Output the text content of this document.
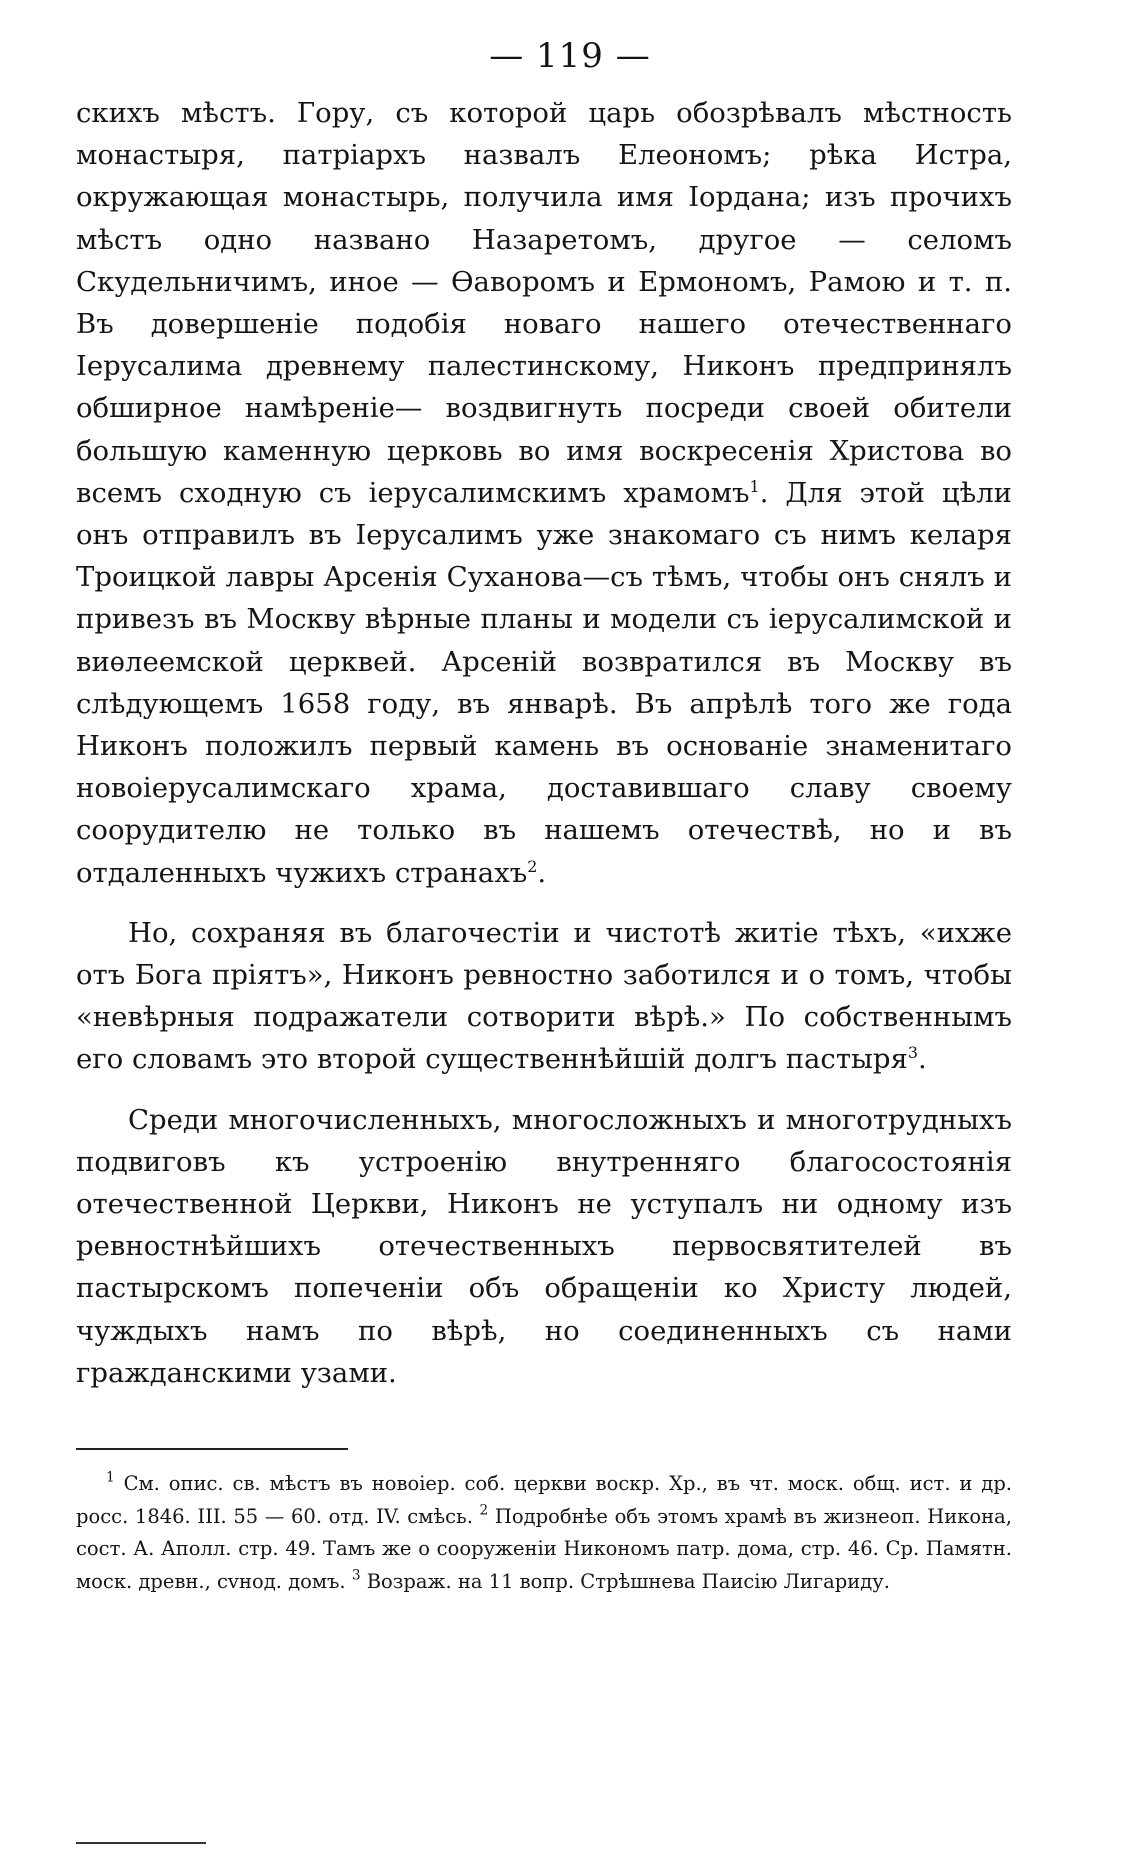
— 119 —

скихъ мѣстъ. Гору, съ которой царь обозрѣвалъ мѣстность монастыря, патріархъ назвалъ Елеономъ; рѣка Истра, окружающая монастырь, получила имя Іордана; изъ прочихъ мѣстъ одно названо Назаретомъ, другое — селомъ Скудельничимъ, иное — Ѳаворомъ и Ермономъ, Рамою и т. п. Въ довершеніе подобія новаго нашего отечественнаго Іерусалима древнему палестинскому, Никонъ предпринялъ обширное намѣреніе— воздвигнуть посреди своей обители большую каменную церковь во имя воскресенія Христова во всемъ сходную съ іерусалимскимъ храмомъ$^1$. Для этой цѣли онъ отправилъ въ Іерусалимъ уже знакомаго съ нимъ келаря Троицкой лавры Арсенія Суханова—съ тѣмъ, чтобы онъ снялъ и привезъ въ Москву вѣрные планы и модели съ іерусалимской и виѳлеемской церквей. Арсеній возвратился въ Москву въ слѣдующемъ 1658 году, въ январѣ. Въ апрѣлѣ того же года Никонъ положилъ первый камень въ основаніе знаменитаго новоіерусалимскаго храма, доставившаго славу своему соорудителю не только въ нашемъ отечествѣ, но и въ отдаленныхъ чужихъ странахъ$^2$.

Но, сохраняя въ благочестіи и чистотѣ житіе тѣхъ, «ихже отъ Бога пріятъ», Никонъ ревностно заботился и о томъ, чтобы «невѣрныя подражатели сотворити вѣрѣ.» По собственнымъ его словамъ это второй существеннѣйшій долгъ пастыря$^3$.

Среди многочисленныхъ, многосложныхъ и многотрудныхъ подвиговъ къ устроенію внутренняго благосостоянія отечественной Церкви, Никонъ не уступалъ ни одному изъ ревностнѣйшихъ отечественныхъ первосвятителей въ пастырскомъ попеченіи объ обращеніи ко Христу людей, чуждыхъ намъ по вѣрѣ, но соединенныхъ съ нами гражданскими узами.

$^1$ См. опис. св. мѣстъ въ новоіер. соб. церкви воскр. Хр., въ чт. моск. общ. ист. и др. росс. 1846. III. 55 — 60. отд. IV. смѣсь. $^2$ Подробнѣе объ этомъ храмѣ въ жизнеоп. Никона, сост. А. Аполл. стр. 49. Тамъ же о сооруженіи Никономъ патр. дома, стр. 46. Ср. Памятн. моск. древн., сvнод. домъ. $^3$ Возраж. на 11 вопр. Стрѣшнева Паисію Лигариду.
